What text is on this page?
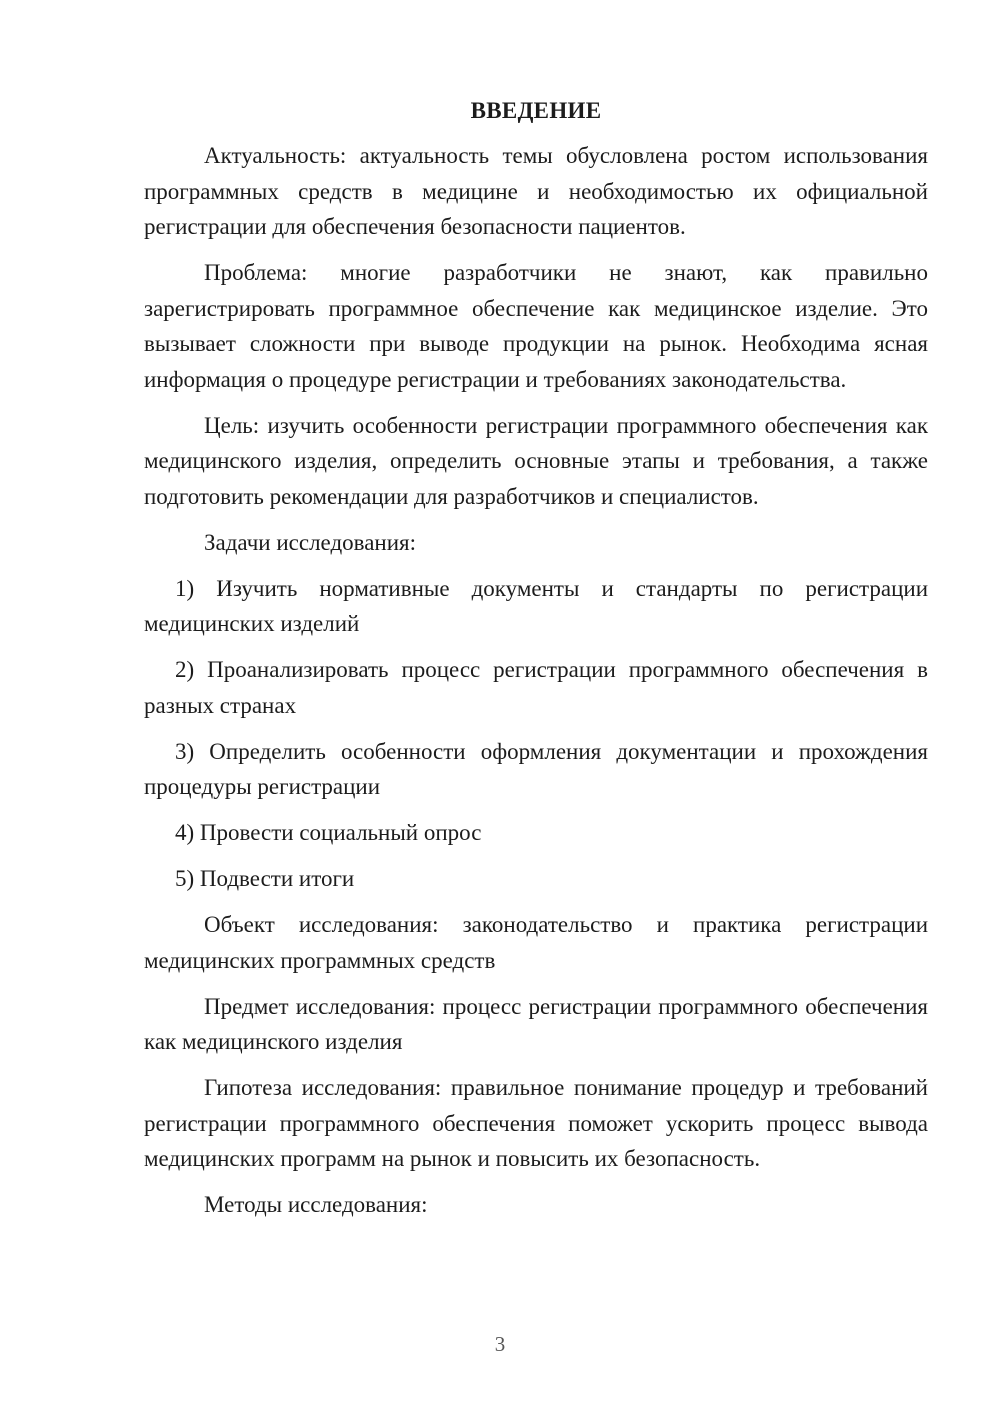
ВВЕДЕНИЕ

Актуальность: актуальность темы обусловлена ростом использования программных средств в медицине и необходимостью их официальной регистрации для обеспечения безопасности пациентов.

Проблема: многие разработчики не знают, как правильно зарегистрировать программное обеспечение как медицинское изделие. Это вызывает сложности при выводе продукции на рынок. Необходима ясная информация о процедуре регистрации и требованиях законодательства.

Цель: изучить особенности регистрации программного обеспечения как медицинского изделия, определить основные этапы и требования, а также подготовить рекомендации для разработчиков и специалистов.

Задачи исследования:

1) Изучить нормативные документы и стандарты по регистрации медицинских изделий

2) Проанализировать процесс регистрации программного обеспечения в разных странах

3) Определить особенности оформления документации и прохождения процедуры регистрации

4) Провести социальный опрос

5) Подвести итоги

Объект исследования: законодательство и практика регистрации медицинских программных средств

Предмет исследования: процесс регистрации программного обеспечения как медицинского изделия

Гипотеза исследования: правильное понимание процедур и требований регистрации программного обеспечения поможет ускорить процесс вывода медицинских программ на рынок и повысить их безопасность.

Методы исследования:

3
